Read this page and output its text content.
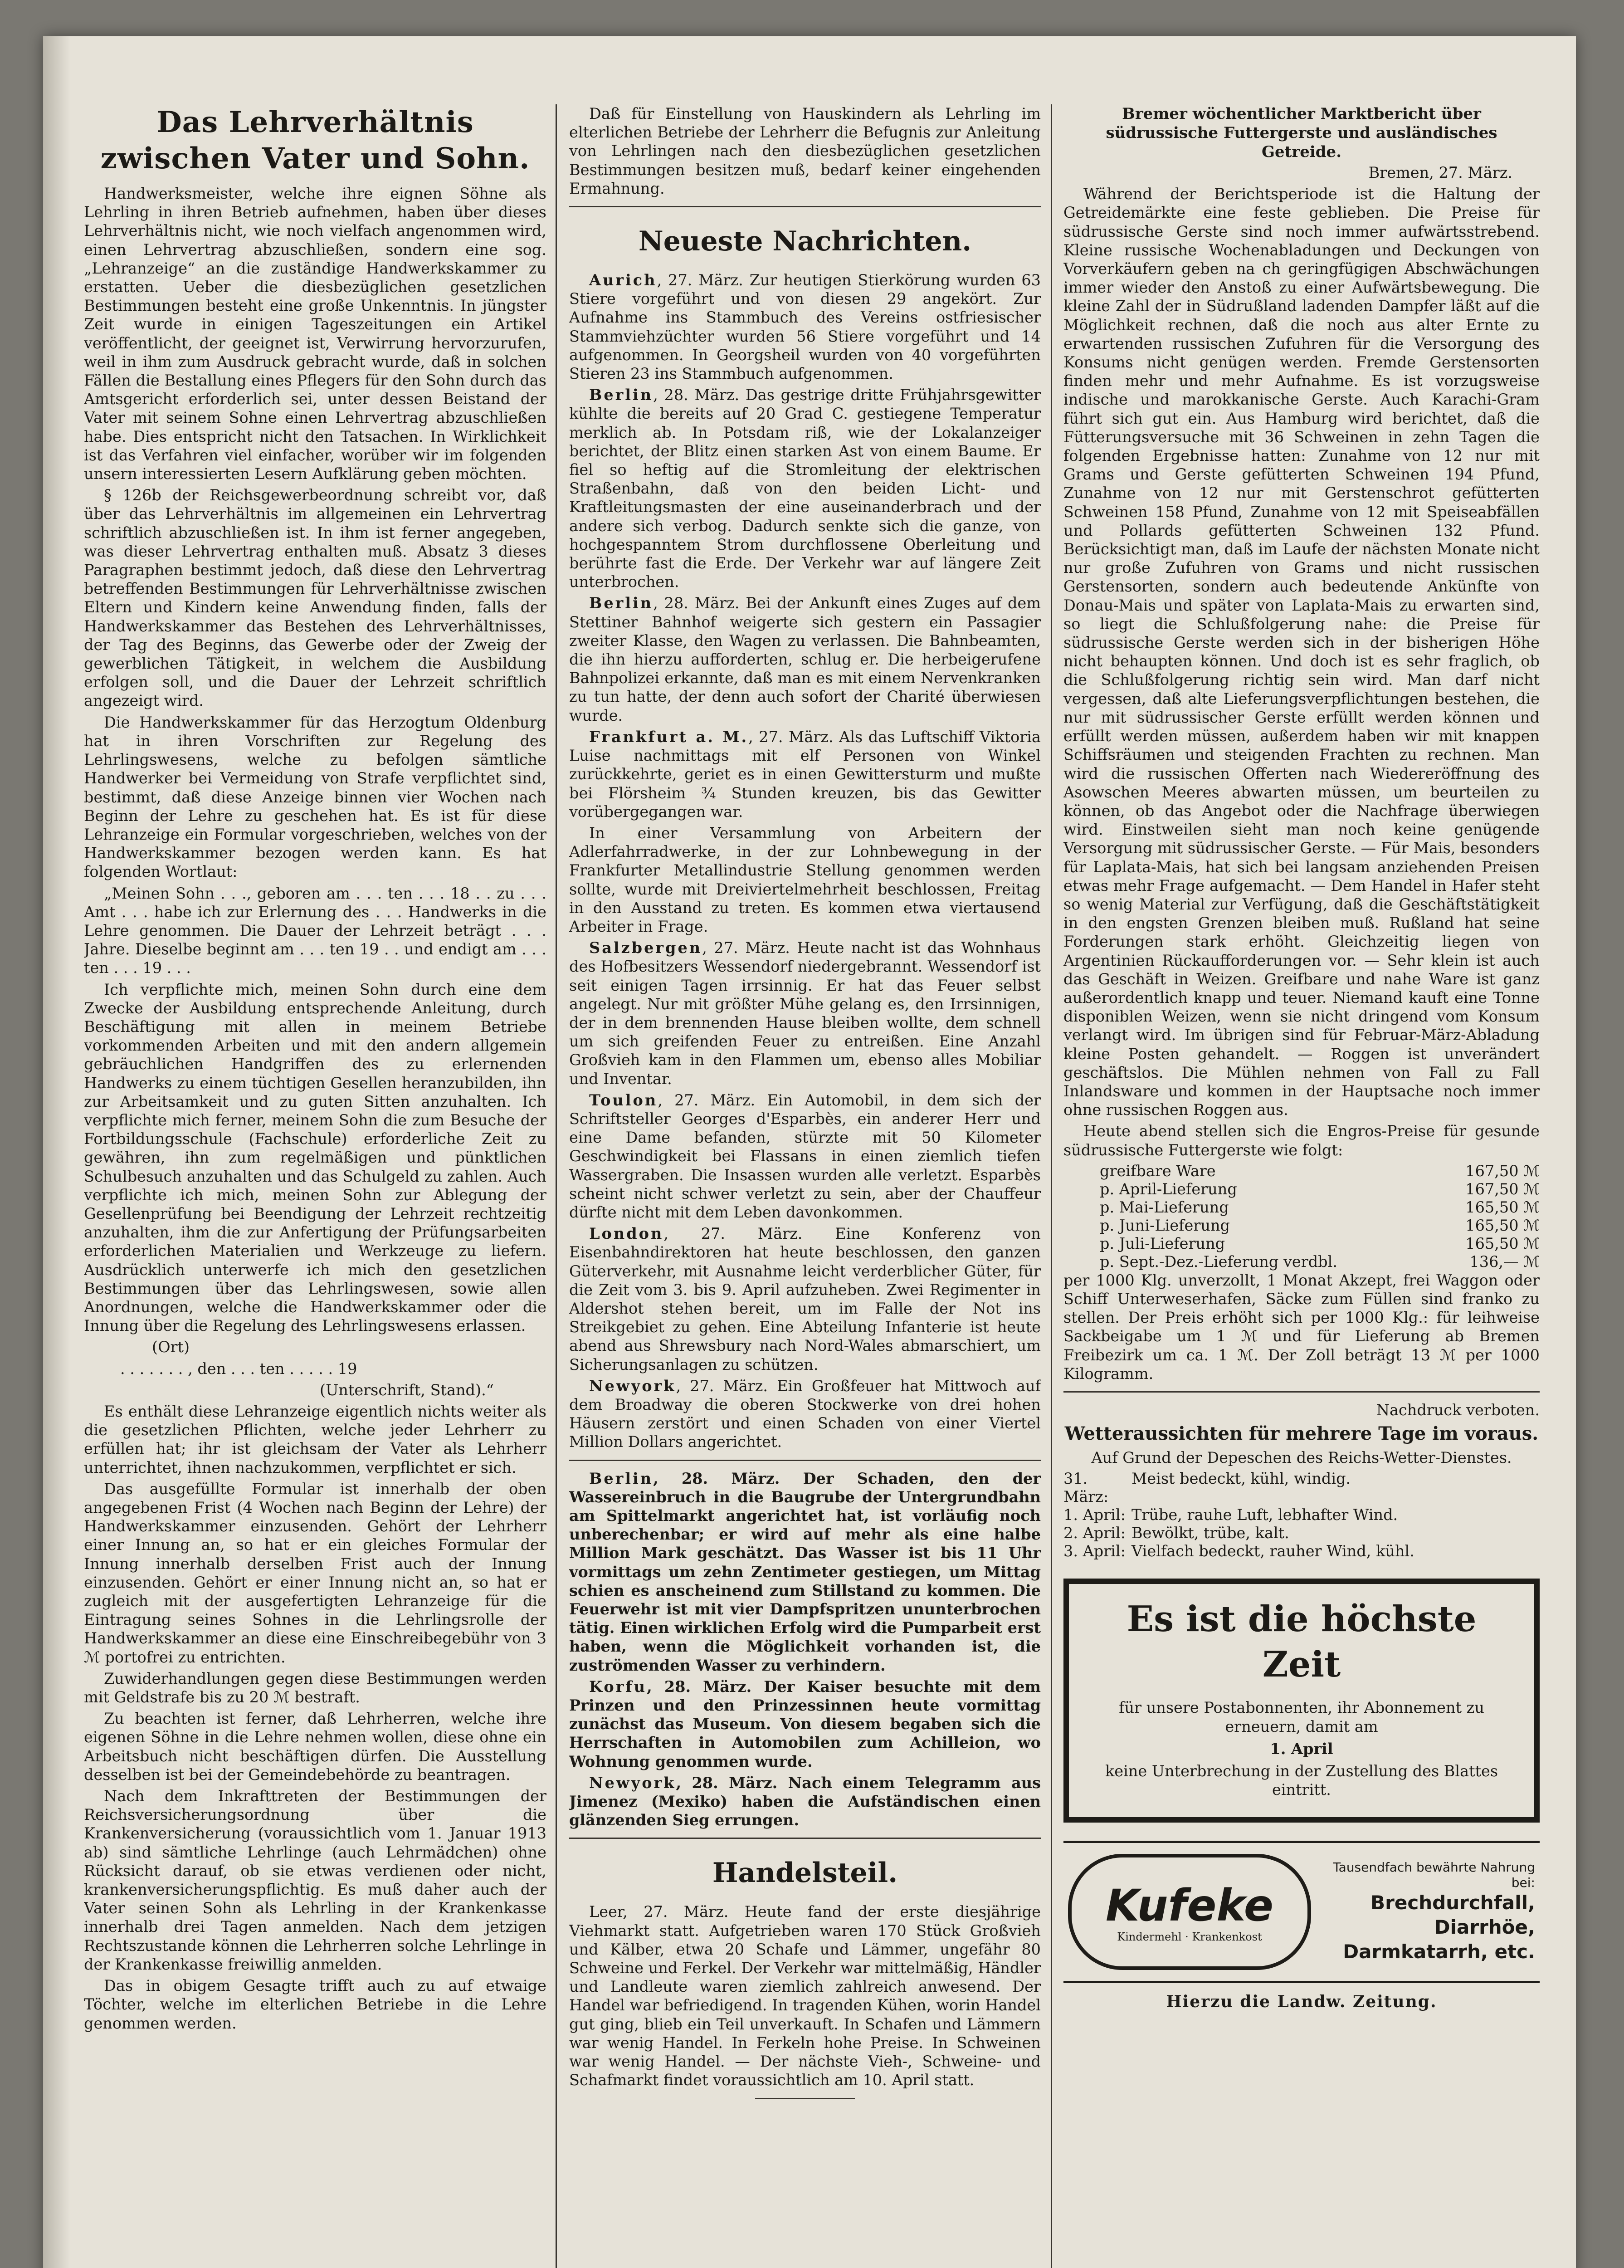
Das Lehrverhältnis
zwischen Vater und Sohn.

Handwerksmeister, welche ihre eignen Söhne als Lehrling in ihren Betrieb aufnehmen, haben über dieses Lehrverhältnis nicht, wie noch vielfach angenommen wird, einen Lehrvertrag abzuschließen, sondern eine sog. „Lehranzeige“ an die zuständige Handwerkskammer zu erstatten. Ueber die diesbezüglichen gesetzlichen Bestimmungen besteht eine große Unkenntnis. In jüngster Zeit wurde in einigen Tageszeitungen ein Artikel veröffentlicht, der geeignet ist, Verwirrung hervorzurufen, weil in ihm zum Ausdruck gebracht wurde, daß in solchen Fällen die Bestallung eines Pflegers für den Sohn durch das Amtsgericht erforderlich sei, unter dessen Beistand der Vater mit seinem Sohne einen Lehrvertrag abzuschließen habe. Dies entspricht nicht den Tatsachen. In Wirklichkeit ist das Verfahren viel einfacher, worüber wir im folgenden unsern interessierten Lesern Aufklärung geben möchten.

§ 126b der Reichsgewerbeordnung schreibt vor, daß über das Lehrverhältnis im allgemeinen ein Lehrvertrag schriftlich abzuschließen ist. In ihm ist ferner angegeben, was dieser Lehrvertrag enthalten muß. Absatz 3 dieses Paragraphen bestimmt jedoch, daß diese den Lehrvertrag betreffenden Bestimmungen für Lehrverhältnisse zwischen Eltern und Kindern keine Anwendung finden, falls der Handwerkskammer das Bestehen des Lehrverhältnisses, der Tag des Beginns, das Gewerbe oder der Zweig der gewerblichen Tätigkeit, in welchem die Ausbildung erfolgen soll, und die Dauer der Lehrzeit schriftlich angezeigt wird.

Die Handwerkskammer für das Herzogtum Oldenburg hat in ihren Vorschriften zur Regelung des Lehrlingswesens, welche zu befolgen sämtliche Handwerker bei Vermeidung von Strafe verpflichtet sind, bestimmt, daß diese Anzeige binnen vier Wochen nach Beginn der Lehre zu geschehen hat. Es ist für diese Lehranzeige ein Formular vorgeschrieben, welches von der Handwerkskammer bezogen werden kann. Es hat folgenden Wortlaut:

„Meinen Sohn . . ., geboren am . . . ten . . . 18 . . zu . . . Amt . . . habe ich zur Erlernung des . . . Handwerks in die Lehre genommen. Die Dauer der Lehrzeit beträgt . . . Jahre. Dieselbe beginnt am . . . ten 19 . . und endigt am . . . ten . . . 19 . . .

Ich verpflichte mich, meinen Sohn durch eine dem Zwecke der Ausbildung entsprechende Anleitung, durch Beschäftigung mit allen in meinem Betriebe vorkommenden Arbeiten und mit den andern allgemein gebräuchlichen Handgriffen des zu erlernenden Handwerks zu einem tüchtigen Gesellen heranzubilden, ihn zur Arbeitsamkeit und zu guten Sitten anzuhalten. Ich verpflichte mich ferner, meinem Sohn die zum Besuche der Fortbildungsschule (Fachschule) erforderliche Zeit zu gewähren, ihn zum regelmäßigen und pünktlichen Schulbesuch anzuhalten und das Schulgeld zu zahlen. Auch verpflichte ich mich, meinen Sohn zur Ablegung der Gesellenprüfung bei Beendigung der Lehrzeit rechtzeitig anzuhalten, ihm die zur Anfertigung der Prüfungsarbeiten erforderlichen Materialien und Werkzeuge zu liefern. Ausdrücklich unterwerfe ich mich den gesetzlichen Bestimmungen über das Lehrlingswesen, sowie allen Anordnungen, welche die Handwerkskammer oder die Innung über die Regelung des Lehrlingswesens erlassen.

(Ort)

. . . . . . . , den . . . ten . . . . . 19

(Unterschrift, Stand).“

Es enthält diese Lehranzeige eigentlich nichts weiter als die gesetzlichen Pflichten, welche jeder Lehrherr zu erfüllen hat; ihr ist gleichsam der Vater als Lehrherr unterrichtet, ihnen nachzukommen, verpflichtet er sich.

Das ausgefüllte Formular ist innerhalb der oben angegebenen Frist (4 Wochen nach Beginn der Lehre) der Handwerkskammer einzusenden. Gehört der Lehrherr einer Innung an, so hat er ein gleiches Formular der Innung innerhalb derselben Frist auch der Innung einzusenden. Gehört er einer Innung nicht an, so hat er zugleich mit der ausgefertigten Lehranzeige für die Eintragung seines Sohnes in die Lehrlingsrolle der Handwerkskammer an diese eine Einschreibegebühr von 3 ℳ portofrei zu entrichten.

Zuwiderhandlungen gegen diese Bestimmungen werden mit Geldstrafe bis zu 20 ℳ bestraft.

Zu beachten ist ferner, daß Lehrherren, welche ihre eigenen Söhne in die Lehre nehmen wollen, diese ohne ein Arbeitsbuch nicht beschäftigen dürfen. Die Ausstellung desselben ist bei der Gemeindebehörde zu beantragen.

Nach dem Inkrafttreten der Bestimmungen der Reichsversicherungsordnung über die Krankenversicherung (voraussichtlich vom 1. Januar 1913 ab) sind sämtliche Lehrlinge (auch Lehrmädchen) ohne Rücksicht darauf, ob sie etwas verdienen oder nicht, krankenversicherungspflichtig. Es muß daher auch der Vater seinen Sohn als Lehrling in der Krankenkasse innerhalb drei Tagen anmelden. Nach dem jetzigen Rechtszustande können die Lehrherren solche Lehrlinge in der Krankenkasse freiwillig anmelden.

Das in obigem Gesagte trifft auch zu auf etwaige Töchter, welche im elterlichen Betriebe in die Lehre genommen werden.

Daß für Einstellung von Hauskindern als Lehrling im elterlichen Betriebe der Lehrherr die Befugnis zur Anleitung von Lehrlingen nach den diesbezüglichen gesetzlichen Bestimmungen besitzen muß, bedarf keiner eingehenden Ermahnung.

Neueste Nachrichten.

Aurich, 27. März. Zur heutigen Stierkörung wurden 63 Stiere vorgeführt und von diesen 29 angekört. Zur Aufnahme ins Stammbuch des Vereins ostfriesischer Stammviehzüchter wurden 56 Stiere vorgeführt und 14 aufgenommen. In Georgsheil wurden von 40 vorgeführten Stieren 23 ins Stammbuch aufgenommen.

Berlin, 28. März. Das gestrige dritte Frühjahrsgewitter kühlte die bereits auf 20 Grad C. gestiegene Temperatur merklich ab. In Potsdam riß, wie der Lokalanzeiger berichtet, der Blitz einen starken Ast von einem Baume. Er fiel so heftig auf die Stromleitung der elektrischen Straßenbahn, daß von den beiden Licht- und Kraftleitungsmasten der eine auseinanderbrach und der andere sich verbog. Dadurch senkte sich die ganze, von hochgespanntem Strom durchflossene Oberleitung und berührte fast die Erde. Der Verkehr war auf längere Zeit unterbrochen.

Berlin, 28. März. Bei der Ankunft eines Zuges auf dem Stettiner Bahnhof weigerte sich gestern ein Passagier zweiter Klasse, den Wagen zu verlassen. Die Bahnbeamten, die ihn hierzu aufforderten, schlug er. Die herbeigerufene Bahnpolizei erkannte, daß man es mit einem Nervenkranken zu tun hatte, der denn auch sofort der Charité überwiesen wurde.

Frankfurt a. M., 27. März. Als das Luftschiff Viktoria Luise nachmittags mit elf Personen von Winkel zurückkehrte, geriet es in einen Gewittersturm und mußte bei Flörsheim ¾ Stunden kreuzen, bis das Gewitter vorübergegangen war.

In einer Versammlung von Arbeitern der Adlerfahrradwerke, in der zur Lohnbewegung in der Frankfurter Metallindustrie Stellung genommen werden sollte, wurde mit Dreiviertelmehrheit beschlossen, Freitag in den Ausstand zu treten. Es kommen etwa viertausend Arbeiter in Frage.

Salzbergen, 27. März. Heute nacht ist das Wohnhaus des Hofbesitzers Wessendorf niedergebrannt. Wessendorf ist seit einigen Tagen irrsinnig. Er hat das Feuer selbst angelegt. Nur mit größter Mühe gelang es, den Irrsinnigen, der in dem brennenden Hause bleiben wollte, dem schnell um sich greifenden Feuer zu entreißen. Eine Anzahl Großvieh kam in den Flammen um, ebenso alles Mobiliar und Inventar.

Toulon, 27. März. Ein Automobil, in dem sich der Schriftsteller Georges d'Esparbès, ein anderer Herr und eine Dame befanden, stürzte mit 50 Kilometer Geschwindigkeit bei Flassans in einen ziemlich tiefen Wassergraben. Die Insassen wurden alle verletzt. Esparbès scheint nicht schwer verletzt zu sein, aber der Chauffeur dürfte nicht mit dem Leben davonkommen.

London, 27. März. Eine Konferenz von Eisenbahndirektoren hat heute beschlossen, den ganzen Güterverkehr, mit Ausnahme leicht verderblicher Güter, für die Zeit vom 3. bis 9. April aufzuheben. Zwei Regimenter in Aldershot stehen bereit, um im Falle der Not ins Streikgebiet zu gehen. Eine Abteilung Infanterie ist heute abend aus Shrewsbury nach Nord-Wales abmarschiert, um Sicherungsanlagen zu schützen.

Newyork, 27. März. Ein Großfeuer hat Mittwoch auf dem Broadway die oberen Stockwerke von drei hohen Häusern zerstört und einen Schaden von einer Viertel Million Dollars angerichtet.

Berlin, 28. März. Der Schaden, den der Wassereinbruch in die Baugrube der Untergrundbahn am Spittelmarkt angerichtet hat, ist vorläufig noch unberechenbar; er wird auf mehr als eine halbe Million Mark geschätzt. Das Wasser ist bis 11 Uhr vormittags um zehn Zentimeter gestiegen, um Mittag schien es anscheinend zum Stillstand zu kommen. Die Feuerwehr ist mit vier Dampfspritzen ununterbrochen tätig. Einen wirklichen Erfolg wird die Pumparbeit erst haben, wenn die Möglichkeit vorhanden ist, die zuströmenden Wasser zu verhindern.

Korfu, 28. März. Der Kaiser besuchte mit dem Prinzen und den Prinzessinnen heute vormittag zunächst das Museum. Von diesem begaben sich die Herrschaften in Automobilen zum Achilleion, wo Wohnung genommen wurde.

Newyork, 28. März. Nach einem Telegramm aus Jimenez (Mexiko) haben die Aufständischen einen glänzenden Sieg errungen.

Handelsteil.

Leer, 27. März. Heute fand der erste diesjährige Viehmarkt statt. Aufgetrieben waren 170 Stück Großvieh und Kälber, etwa 20 Schafe und Lämmer, ungefähr 80 Schweine und Ferkel. Der Verkehr war mittelmäßig, Händler und Landleute waren ziemlich zahlreich anwesend. Der Handel war befriedigend. In tragenden Kühen, worin Handel gut ging, blieb ein Teil unverkauft. In Schafen und Lämmern war wenig Handel. In Ferkeln hohe Preise. In Schweinen war wenig Handel. — Der nächste Vieh-, Schweine- und Schafmarkt findet voraussichtlich am 10. April statt.

Bremer wöchentlicher Marktbericht über südrussische Futtergerste und ausländisches Getreide.

Bremen, 27. März.

Während der Berichtsperiode ist die Haltung der Getreidemärkte eine feste geblieben. Die Preise für südrussische Gerste sind noch immer aufwärtsstrebend. Kleine russische Wochenabladungen und Deckungen von Vorverkäufern geben na ch geringfügigen Abschwächungen immer wieder den Anstoß zu einer Aufwärtsbewegung. Die kleine Zahl der in Südrußland ladenden Dampfer läßt auf die Möglichkeit rechnen, daß die noch aus alter Ernte zu erwartenden russischen Zufuhren für die Versorgung des Konsums nicht genügen werden. Fremde Gerstensorten finden mehr und mehr Aufnahme. Es ist vorzugsweise indische und marokkanische Gerste. Auch Karachi-Gram führt sich gut ein. Aus Hamburg wird berichtet, daß die Fütterungsversuche mit 36 Schweinen in zehn Tagen die folgenden Ergebnisse hatten: Zunahme von 12 nur mit Grams und Gerste gefütterten Schweinen 194 Pfund, Zunahme von 12 nur mit Gerstenschrot gefütterten Schweinen 158 Pfund, Zunahme von 12 mit Speiseabfällen und Pollards gefütterten Schweinen 132 Pfund. Berücksichtigt man, daß im Laufe der nächsten Monate nicht nur große Zufuhren von Grams und nicht russischen Gerstensorten, sondern auch bedeutende Ankünfte von Donau-Mais und später von Laplata-Mais zu erwarten sind, so liegt die Schlußfolgerung nahe: die Preise für südrussische Gerste werden sich in der bisherigen Höhe nicht behaupten können. Und doch ist es sehr fraglich, ob die Schlußfolgerung richtig sein wird. Man darf nicht vergessen, daß alte Lieferungsverpflichtungen bestehen, die nur mit südrussischer Gerste erfüllt werden können und erfüllt werden müssen, außerdem haben wir mit knappen Schiffsräumen und steigenden Frachten zu rechnen. Man wird die russischen Offerten nach Wiedereröffnung des Asowschen Meeres abwarten müssen, um beurteilen zu können, ob das Angebot oder die Nachfrage überwiegen wird. Einstweilen sieht man noch keine genügende Versorgung mit südrussischer Gerste. — Für Mais, besonders für Laplata-Mais, hat sich bei langsam anziehenden Preisen etwas mehr Frage aufgemacht. — Dem Handel in Hafer steht so wenig Material zur Verfügung, daß die Geschäftstätigkeit in den engsten Grenzen bleiben muß. Rußland hat seine Forderungen stark erhöht. Gleichzeitig liegen von Argentinien Rückaufforderungen vor. — Sehr klein ist auch das Geschäft in Weizen. Greifbare und nahe Ware ist ganz außerordentlich knapp und teuer. Niemand kauft eine Tonne disponiblen Weizen, wenn sie nicht dringend vom Konsum verlangt wird. Im übrigen sind für Februar-März-Abladung kleine Posten gehandelt. — Roggen ist unverändert geschäftslos. Die Mühlen nehmen von Fall zu Fall Inlandsware und kommen in der Hauptsache noch immer ohne russischen Roggen aus.

Heute abend stellen sich die Engros-Preise für gesunde südrussische Futtergerste wie folgt:

greifbare Ware	167,50 ℳ
p. April-Lieferung	167,50 ℳ
p. Mai-Lieferung	165,50 ℳ
p. Juni-Lieferung	165,50 ℳ
p. Juli-Lieferung	165,50 ℳ
p. Sept.-Dez.-Lieferung verdbl.	136,— ℳ

per 1000 Klg. unverzollt, 1 Monat Akzept, frei Waggon oder Schiff Unterweserhafen, Säcke zum Füllen sind franko zu stellen. Der Preis erhöht sich per 1000 Klg.: für leihweise Sackbeigabe um 1 ℳ und für Lieferung ab Bremen Freibezirk um ca. 1 ℳ. Der Zoll beträgt 13 ℳ per 1000 Kilogramm.

Nachdruck verboten.

Wetteraussichten für mehrere Tage im voraus.

Auf Grund der Depeschen des Reichs-Wetter-Dienstes.

31. März:
Meist bedeckt, kühl, windig.
1. April: Trübe, rauhe Luft, lebhafter Wind.
2. April: Bewölkt, trübe, kalt.
3. April: Vielfach bedeckt, rauher Wind, kühl.
Es ist die höchste Zeit

für unsere Postabonnenten, ihr Abonnement zu erneuern, damit am

1. April

keine Unterbrechung in der Zustellung des Blattes eintritt.

Kufeke
Kindermehl · Krankenkost
Tausendfach bewährte Nahrung bei:
Brechdurchfall,
Diarrhöe,
Darmkatarrh, etc.
Hierzu die Landw. Zeitung.
